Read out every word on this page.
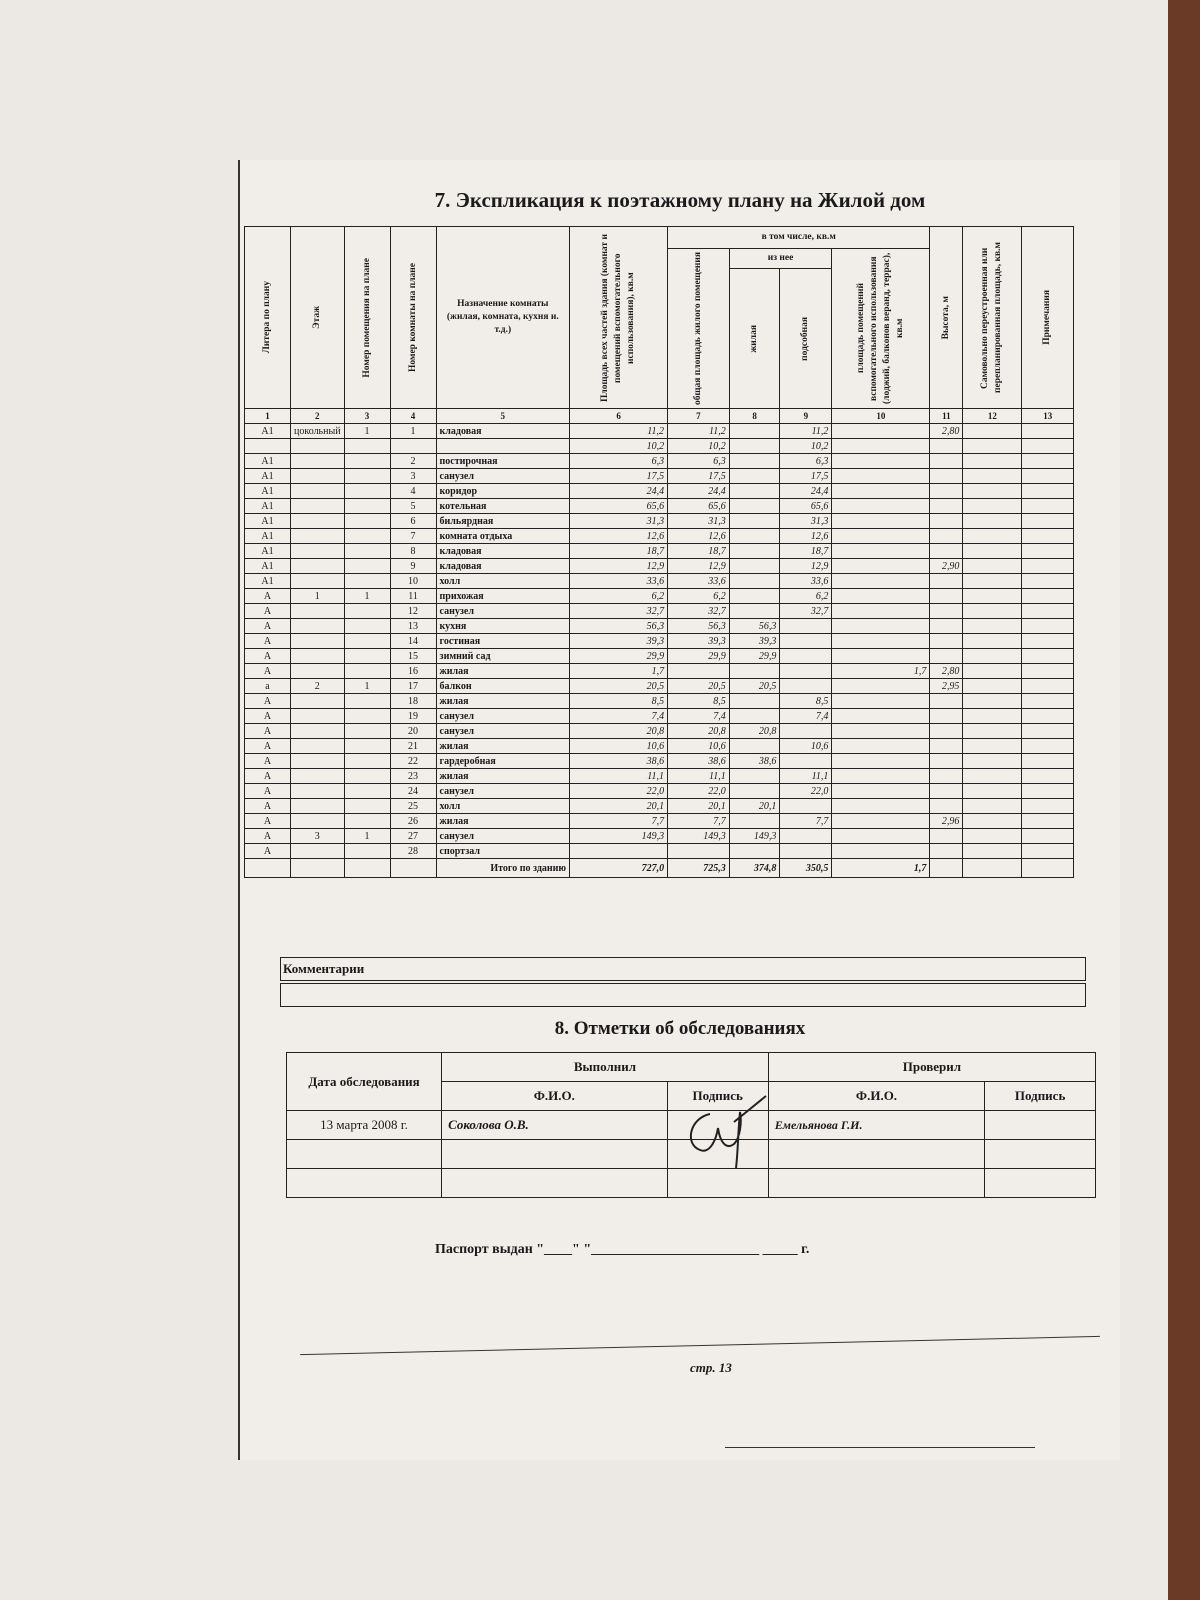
7. Экспликация к поэтажному плану на Жилой дом
Литера по плану	Этаж	Номер помещения на плане	Номер комнаты на плане	Назначение комнаты (жилая, комната, кухня и. т.д.)	Площадь всех частей здания (комнат и помещений вспомогательного использования), кв.м	в том числе, кв.м				Высота, м	Самовольно переустроенная или перепланированная площадь, кв.м	Примечания

						общая площадь жилого помещения	из нее		площадь помещений вспомогательного использования (лоджий, балконов веранд, террас), кв.м			

							жилая	подсобная				

1	2	3	4	5	6	7	8	9	10	11	12	13
А1	цокольный	1	1	кладовая	11,2	11,2		11,2		2,80		
					10,2	10,2		10,2				
А1			2	постирочная	6,3	6,3		6,3				
А1			3	санузел	17,5	17,5		17,5				
А1			4	коридор	24,4	24,4		24,4				
А1			5	котельная	65,6	65,6		65,6				
А1			6	бильярдная	31,3	31,3		31,3				
А1			7	комната отдыха	12,6	12,6		12,6				
А1			8	кладовая	18,7	18,7		18,7				
А1			9	кладовая	12,9	12,9		12,9		2,90		
А1			10	холл	33,6	33,6		33,6				
А	1	1	11	прихожая	6,2	6,2		6,2				
А			12	санузел	32,7	32,7		32,7				
А			13	кухня	56,3	56,3	56,3					
А			14	гостиная	39,3	39,3	39,3					
А			15	зимний сад	29,9	29,9	29,9					
А			16	жилая	1,7				1,7	2,80		
а	2	1	17	балкон	20,5	20,5	20,5			2,95		
А			18	жилая	8,5	8,5		8,5				
А			19	санузел	7,4	7,4		7,4				
А			20	санузел	20,8	20,8	20,8					
А			21	жилая	10,6	10,6		10,6				
А			22	гардеробная	38,6	38,6	38,6					
А			23	жилая	11,1	11,1		11,1				
А			24	санузел	22,0	22,0		22,0				
А			25	холл	20,1	20,1	20,1					
А			26	жилая	7,7	7,7		7,7		2,96		
А	3	1	27	санузел	149,3	149,3	149,3					
А			28	спортзал								
				Итого по зданию	727,0	725,3	374,8	350,5	1,7			
Комментарии
8. Отметки об обследованиях
Дата обследования	Выполнил		Проверил	
	Ф.И.О.	Подпись	Ф.И.О.	Подпись
13 марта 2008 г.	Соколова О.В.		Емельянова Г.И.	

Паспорт выдан "____" "________________________ _____ г.
стр. 13
